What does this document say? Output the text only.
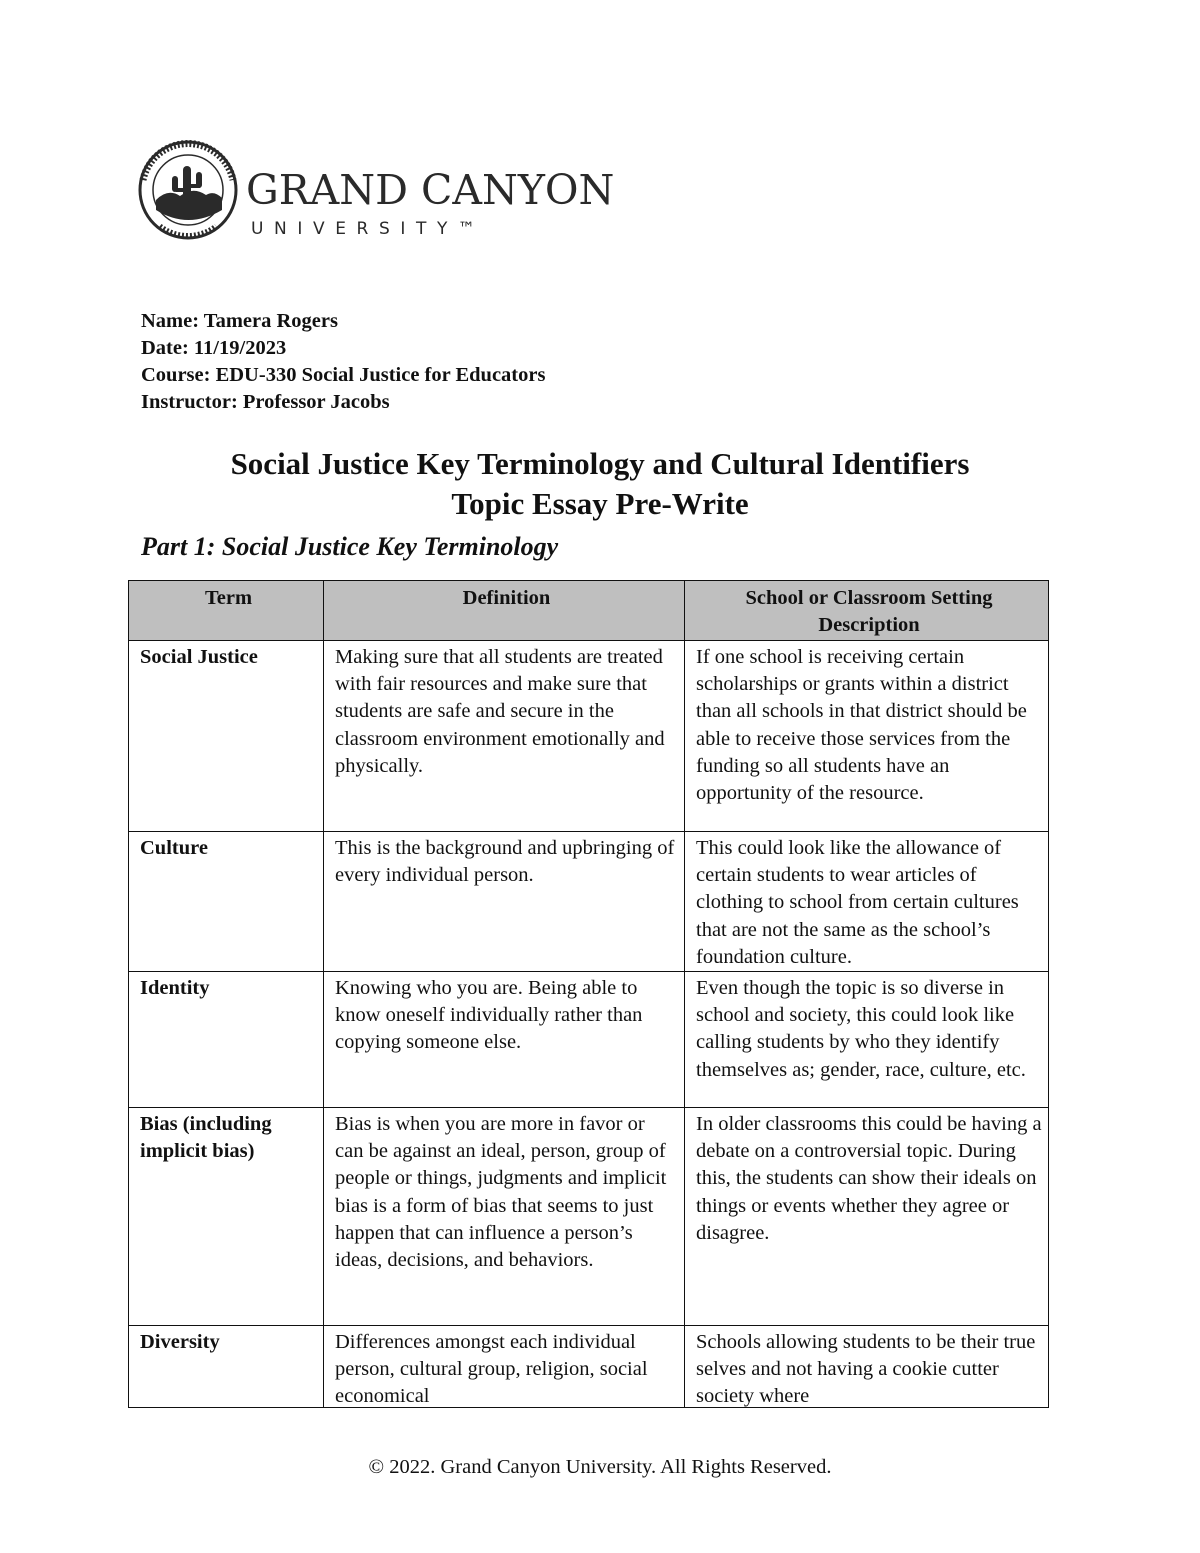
GRAND CANYON
UNIVERSITY™
Name: Tamera Rogers
Date: 11/19/2023
Course: EDU-330 Social Justice for Educators
Instructor: Professor Jacobs
Social Justice Key Terminology and Cultural Identifiers
Topic Essay Pre-Write
Part 1: Social Justice Key Terminology
Term	Definition	School or Classroom Setting Description
Social Justice	Making sure that all students are treated with fair resources and make sure that students are safe and secure in the classroom environment emotionally and physically.	If one school is receiving certain scholarships or grants within a district than all schools in that district should be able to receive those services from the funding so all students have an opportunity of the resource.
Culture	This is the background and upbringing of every individual person.	This could look like the allowance of certain students to wear articles of clothing to school from certain cultures that are not the same as the school’s foundation culture.
Identity	Knowing who you are. Being able to know oneself individually rather than copying someone else.	Even though the topic is so diverse in school and society, this could look like calling students by who they identify themselves as; gender, race, culture, etc.
Bias (including implicit bias)	Bias is when you are more in favor or can be against an ideal, person, group of people or things, judgments and implicit bias is a form of bias that seems to just happen that can influence a person’s ideas, decisions, and behaviors.	In older classrooms this could be having a debate on a controversial topic. During this, the students can show their ideals on things or events whether they agree or disagree.

Diversity	Differences amongst each individual person, cultural group, religion, social economical	Schools allowing students to be their true selves and not having a cookie cutter society where
© 2022. Grand Canyon University. All Rights Reserved.
